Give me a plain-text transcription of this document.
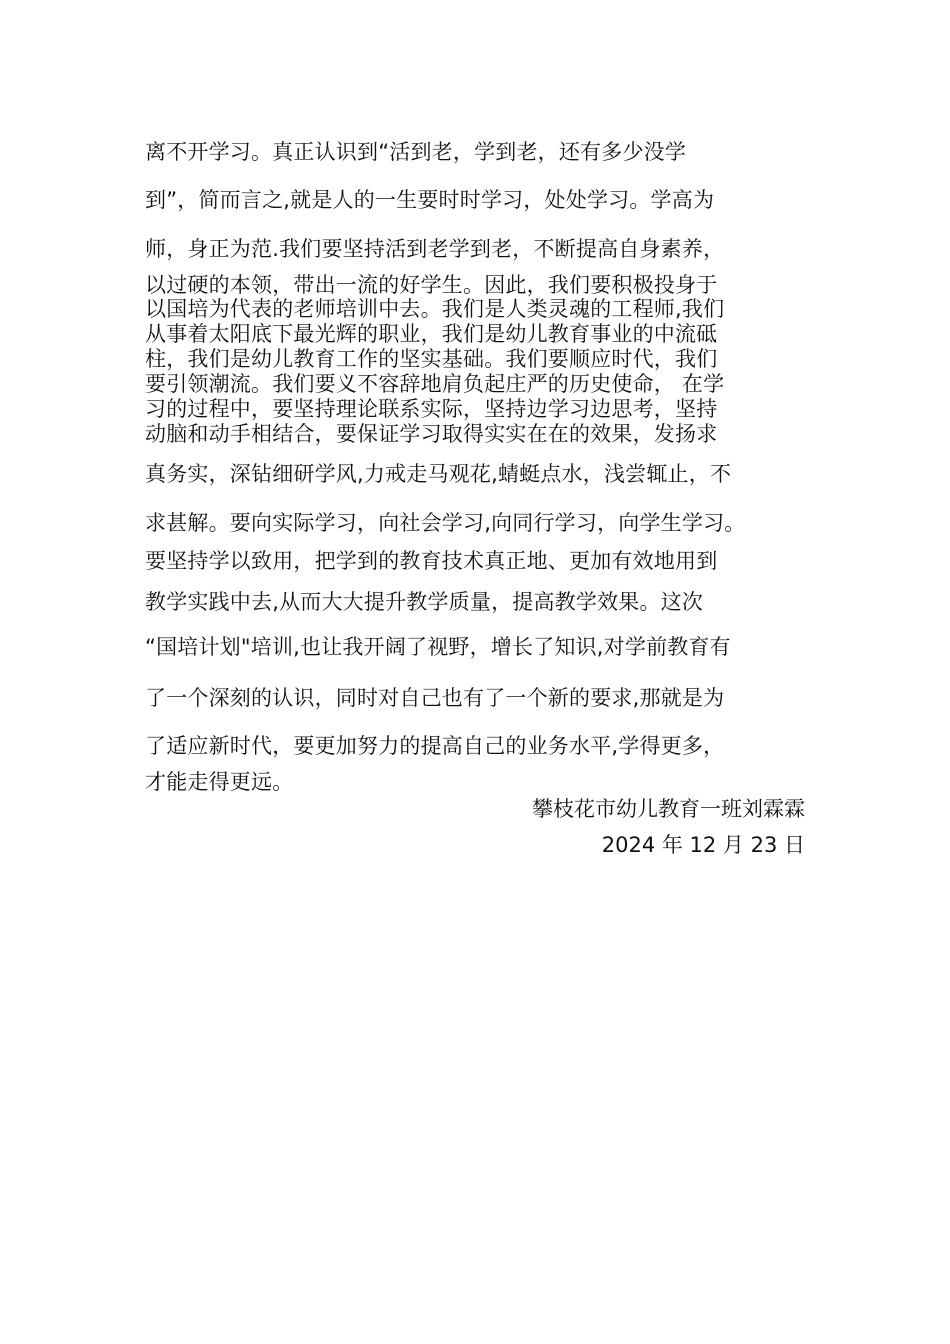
离不开学习。真正认识到“活到老，学到老，还有多少没学
到”，简而言之,就是人的一生要时时学习，处处学习。学高为
师，身正为范.我们要坚持活到老学到老，不断提高自身素养，
以过硬的本领，带出一流的好学生。因此，我们要积极投身于
以国培为代表的老师培训中去。我们是人类灵魂的工程师,我们
从事着太阳底下最光辉的职业，我们是幼儿教育事业的中流砥
柱，我们是幼儿教育工作的坚实基础。我们要顺应时代，我们
要引领潮流。我们要义不容辞地肩负起庄严的历史使命， 在学
习的过程中，要坚持理论联系实际，坚持边学习边思考，坚持
动脑和动手相结合，要保证学习取得实实在在的效果，发扬求
真务实，深钻细研学风,力戒走马观花,蜻蜓点水，浅尝辄止，不
求甚解。要向实际学习，向社会学习,向同行学习，向学生学习。
要坚持学以致用，把学到的教育技术真正地、更加有效地用到
教学实践中去,从而大大提升教学质量，提高教学效果。这次
“国培计划"培训,也让我开阔了视野，增长了知识,对学前教育有
了一个深刻的认识，同时对自己也有了一个新的要求,那就是为
了适应新时代，要更加努力的提高自己的业务水平,学得更多，
才能走得更远。
攀枝花市幼儿教育一班刘霖霖
2024 年 12 月 23 日
